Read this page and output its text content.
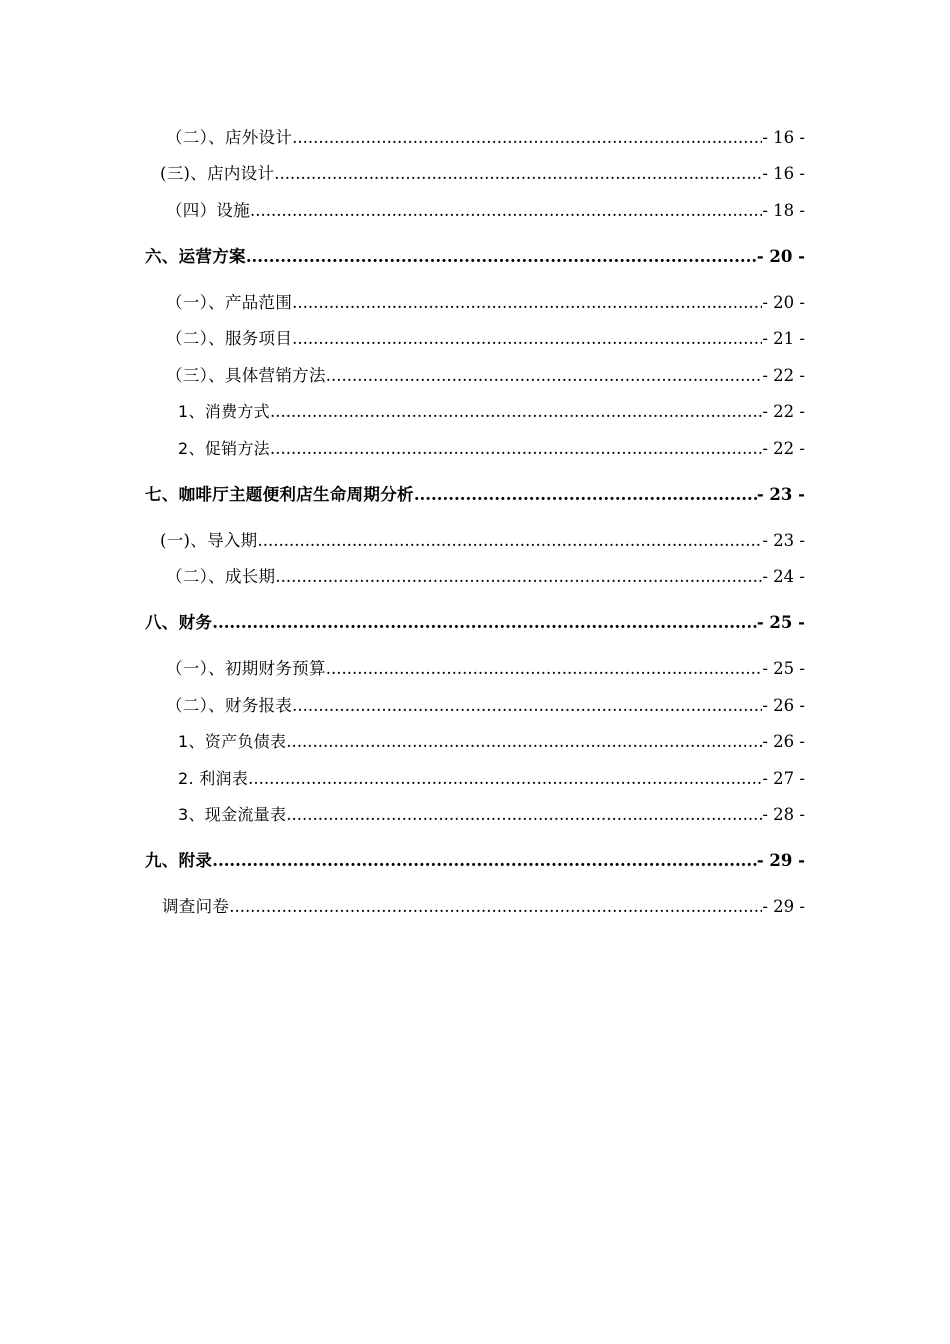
（二）、店外设计 .....	- 16 -
(三)、店内设计 .....	- 16 -
（四）设施 .....	- 18 -
六、运营方案 .....	- 20 -
（一）、产品范围 .....	- 20 -
（二）、服务项目 .....	- 21 -
（三）、具体营销方法 .....	- 22 -
1、消费方式 .....	- 22 -
2、促销方法 .....	- 22 -
七、咖啡厅主题便利店生命周期分析 .....	- 23 -
(一)、导入期 .....	- 23 -
（二）、成长期 .....	- 24 -
八、财务 .....	- 25 -
（一）、初期财务预算 .....	- 25 -
（二）、财务报表 .....	- 26 -
1、资产负债表 .....	- 26 -
2. 利润表 .....	- 27 -
3、现金流量表 .....	- 28 -
九、附录 .....	- 29 -
调查问卷 .....	- 29 -
